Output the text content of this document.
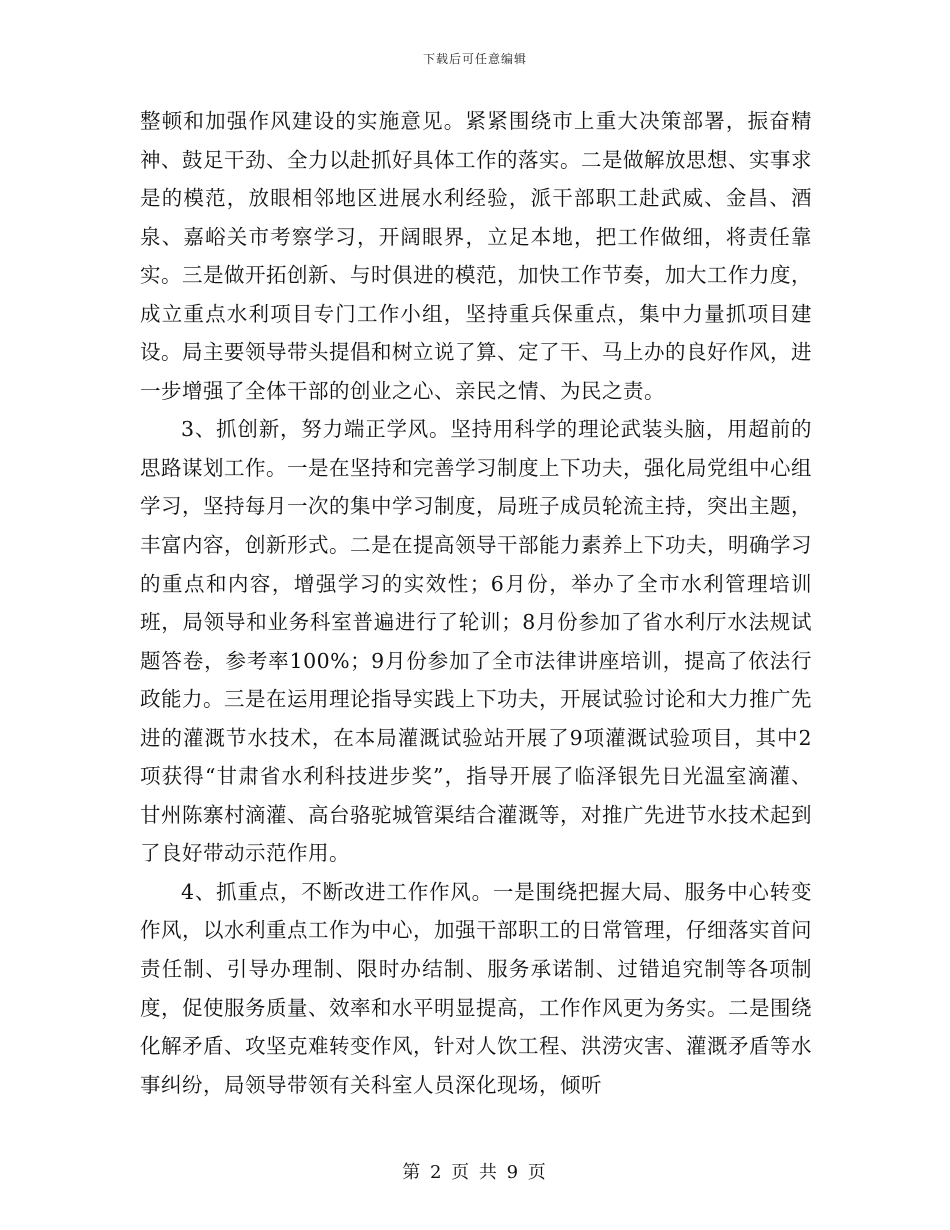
下载后可任意编辑

整顿和加强作风建设的实施意见。紧紧围绕市上重大决策部署，振奋精神、鼓足干劲、全力以赴抓好具体工作的落实。二是做解放思想、实事求是的模范，放眼相邻地区进展水利经验，派干部职工赴武威、金昌、酒泉、嘉峪关市考察学习，开阔眼界，立足本地，把工作做细，将责任靠实。三是做开拓创新、与时俱进的模范，加快工作节奏，加大工作力度，成立重点水利项目专门工作小组，坚持重兵保重点，集中力量抓项目建设。局主要领导带头提倡和树立说了算、定了干、马上办的良好作风，进一步增强了全体干部的创业之心、亲民之情、为民之责。

3、抓创新，努力端正学风。坚持用科学的理论武装头脑，用超前的思路谋划工作。一是在坚持和完善学习制度上下功夫，强化局党组中心组学习，坚持每月一次的集中学习制度，局班子成员轮流主持，突出主题，丰富内容，创新形式。二是在提高领导干部能力素养上下功夫，明确学习的重点和内容，增强学习的实效性；6月份，举办了全市水利管理培训班，局领导和业务科室普遍进行了轮训；8月份参加了省水利厅水法规试题答卷，参考率100%；9月份参加了全市法律讲座培训，提高了依法行政能力。三是在运用理论指导实践上下功夫，开展试验讨论和大力推广先进的灌溉节水技术，在本局灌溉试验站开展了9项灌溉试验项目，其中2项获得“甘肃省水利科技进步奖”，指导开展了临泽银先日光温室滴灌、甘州陈寨村滴灌、高台骆驼城管渠结合灌溉等，对推广先进节水技术起到了良好带动示范作用。

4、抓重点，不断改进工作作风。一是围绕把握大局、服务中心转变作风，以水利重点工作为中心，加强干部职工的日常管理，仔细落实首问责任制、引导办理制、限时办结制、服务承诺制、过错追究制等各项制度，促使服务质量、效率和水平明显提高，工作作风更为务实。二是围绕化解矛盾、攻坚克难转变作风，针对人饮工程、洪涝灾害、灌溉矛盾等水事纠纷，局领导带领有关科室人员深化现场，倾听

第 2 页 共 9 页
